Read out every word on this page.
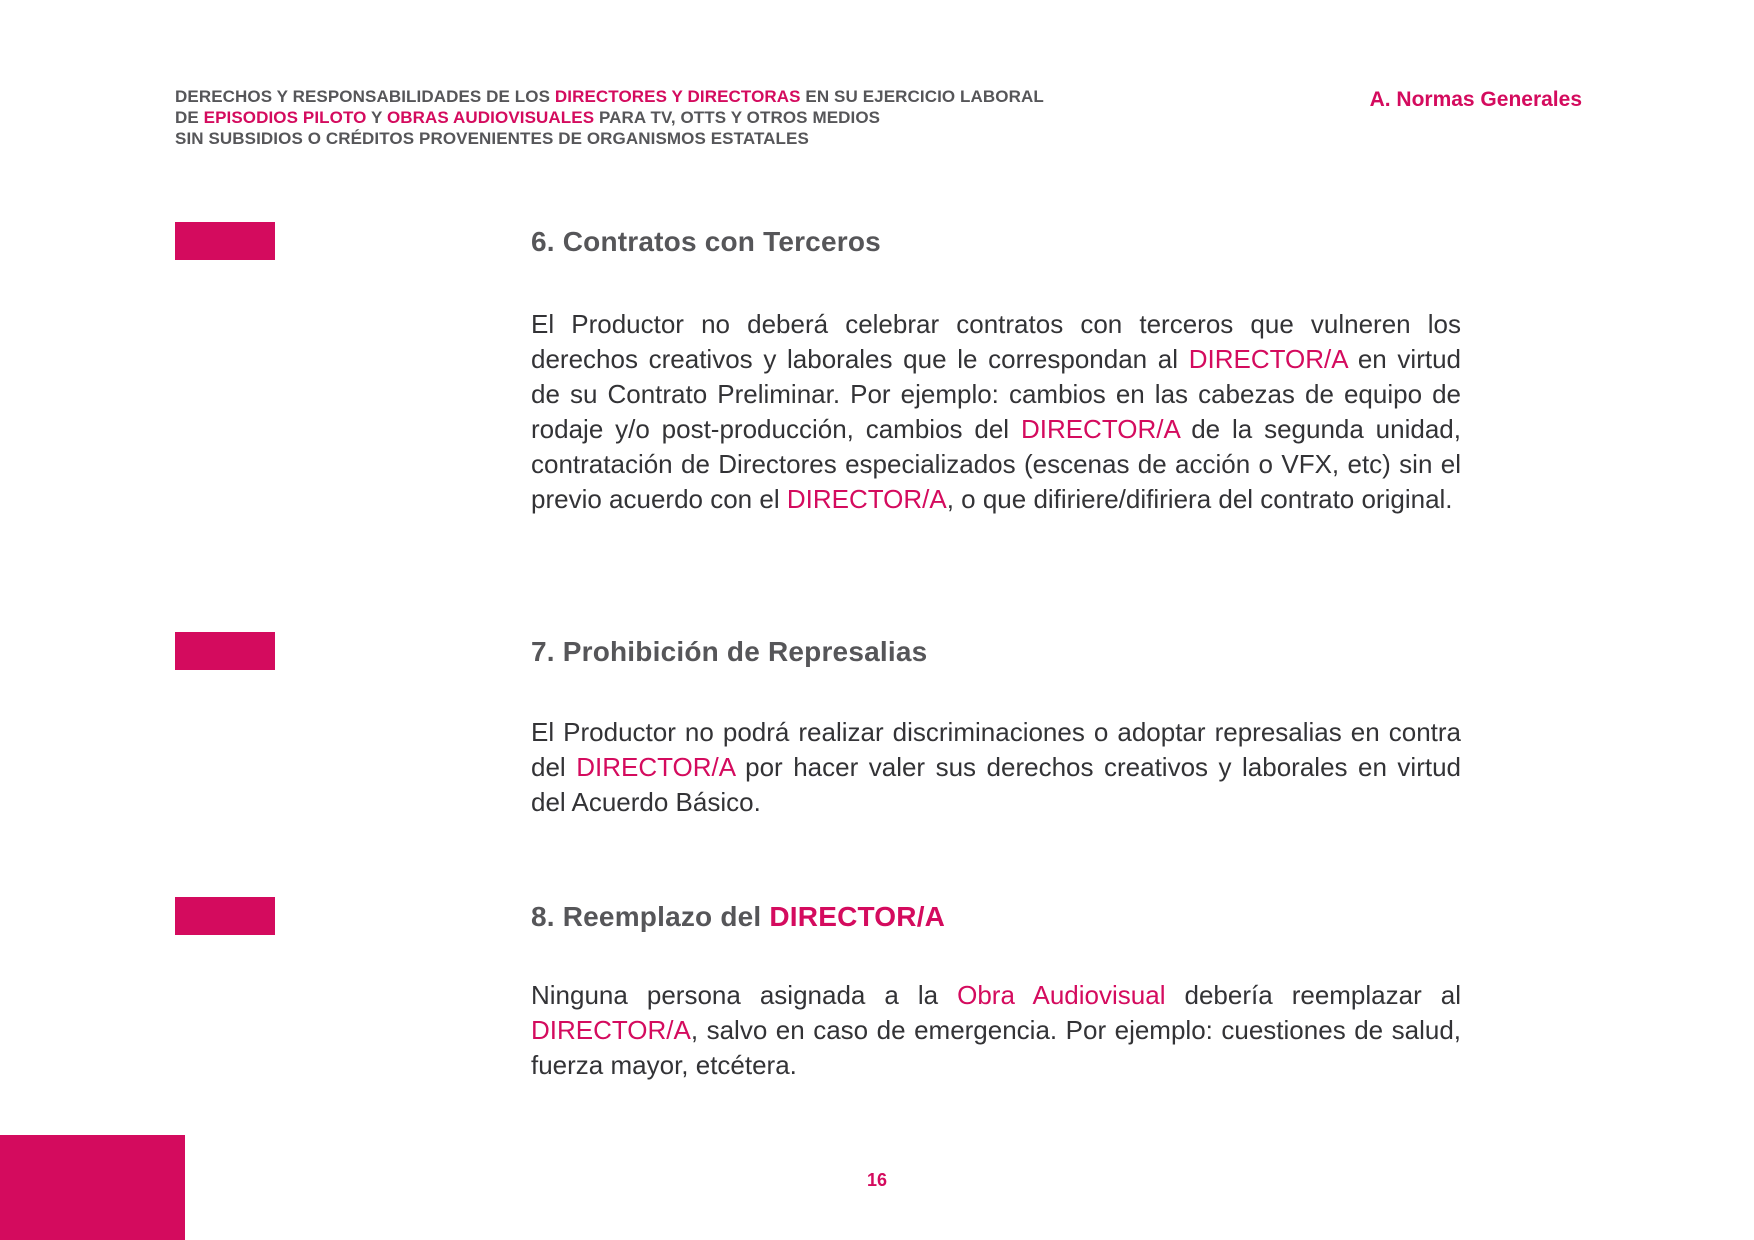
DERECHOS Y RESPONSABILIDADES DE LOS DIRECTORES Y DIRECTORAS EN SU EJERCICIO LABORAL
DE EPISODIOS PILOTO Y OBRAS AUDIOVISUALES PARA TV, OTTS Y OTROS MEDIOS
SIN SUBSIDIOS O CRÉDITOS PROVENIENTES DE ORGANISMOS ESTATALES
A. Normas Generales
6. Contratos con Terceros

El Productor no deberá celebrar contratos con terceros que vulneren los derechos creativos y laborales que le correspondan al DIRECTOR/A en virtud de su Contrato Preliminar. Por ejemplo: cambios en las cabezas de equipo de rodaje y/o post-producción, cambios del DIRECTOR/A de la segunda unidad, contratación de Directores especializados (escenas de acción o VFX, etc) sin el previo acuerdo con el DIRECTOR/A, o que difiriere/difiriera del contrato original.

7. Prohibición de Represalias

El Productor no podrá realizar discriminaciones o adoptar represalias en contra del DIRECTOR/A por hacer valer sus derechos creativos y laborales en virtud del Acuerdo Básico.

8. Reemplazo del DIRECTOR/A

Ninguna persona asignada a la Obra Audiovisual debería reemplazar al DIRECTOR/A, salvo en caso de emergencia. Por ejemplo: cuestiones de salud, fuerza mayor, etcétera.

16
